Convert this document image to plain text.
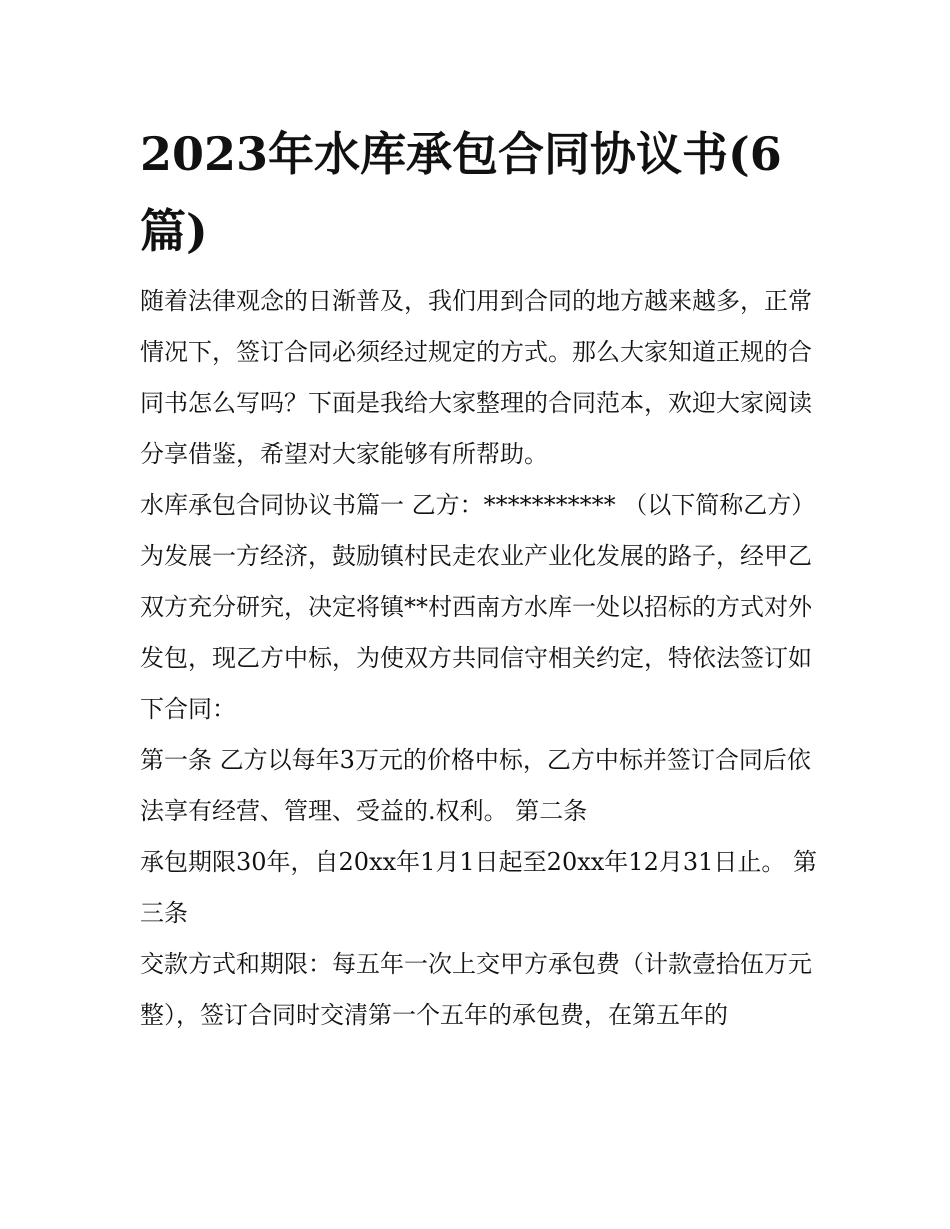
2023年水库承包合同协议书(6篇)

随着法律观念的日渐普及，我们用到合同的地方越来越多，正常情况下，签订合同必须经过规定的方式。那么大家知道正规的合同书怎么写吗？下面是我给大家整理的合同范本，欢迎大家阅读分享借鉴，希望对大家能够有所帮助。

水库承包合同协议书篇一 乙方：*********** （以下简称乙方）

为发展一方经济，鼓励镇村民走农业产业化发展的路子，经甲乙双方充分研究，决定将镇**村西南方水库一处以招标的方式对外发包，现乙方中标，为使双方共同信守相关约定，特依法签订如下合同：

第一条 乙方以每年3万元的价格中标，乙方中标并签订合同后依法享有经营、管理、受益的.权利。 第二条

承包期限30年，自20xx年1月1日起至20xx年12月31日止。 第三条

交款方式和期限：每五年一次上交甲方承包费（计款壹拾伍万元整），签订合同时交清第一个五年的承包费，在第五年的
